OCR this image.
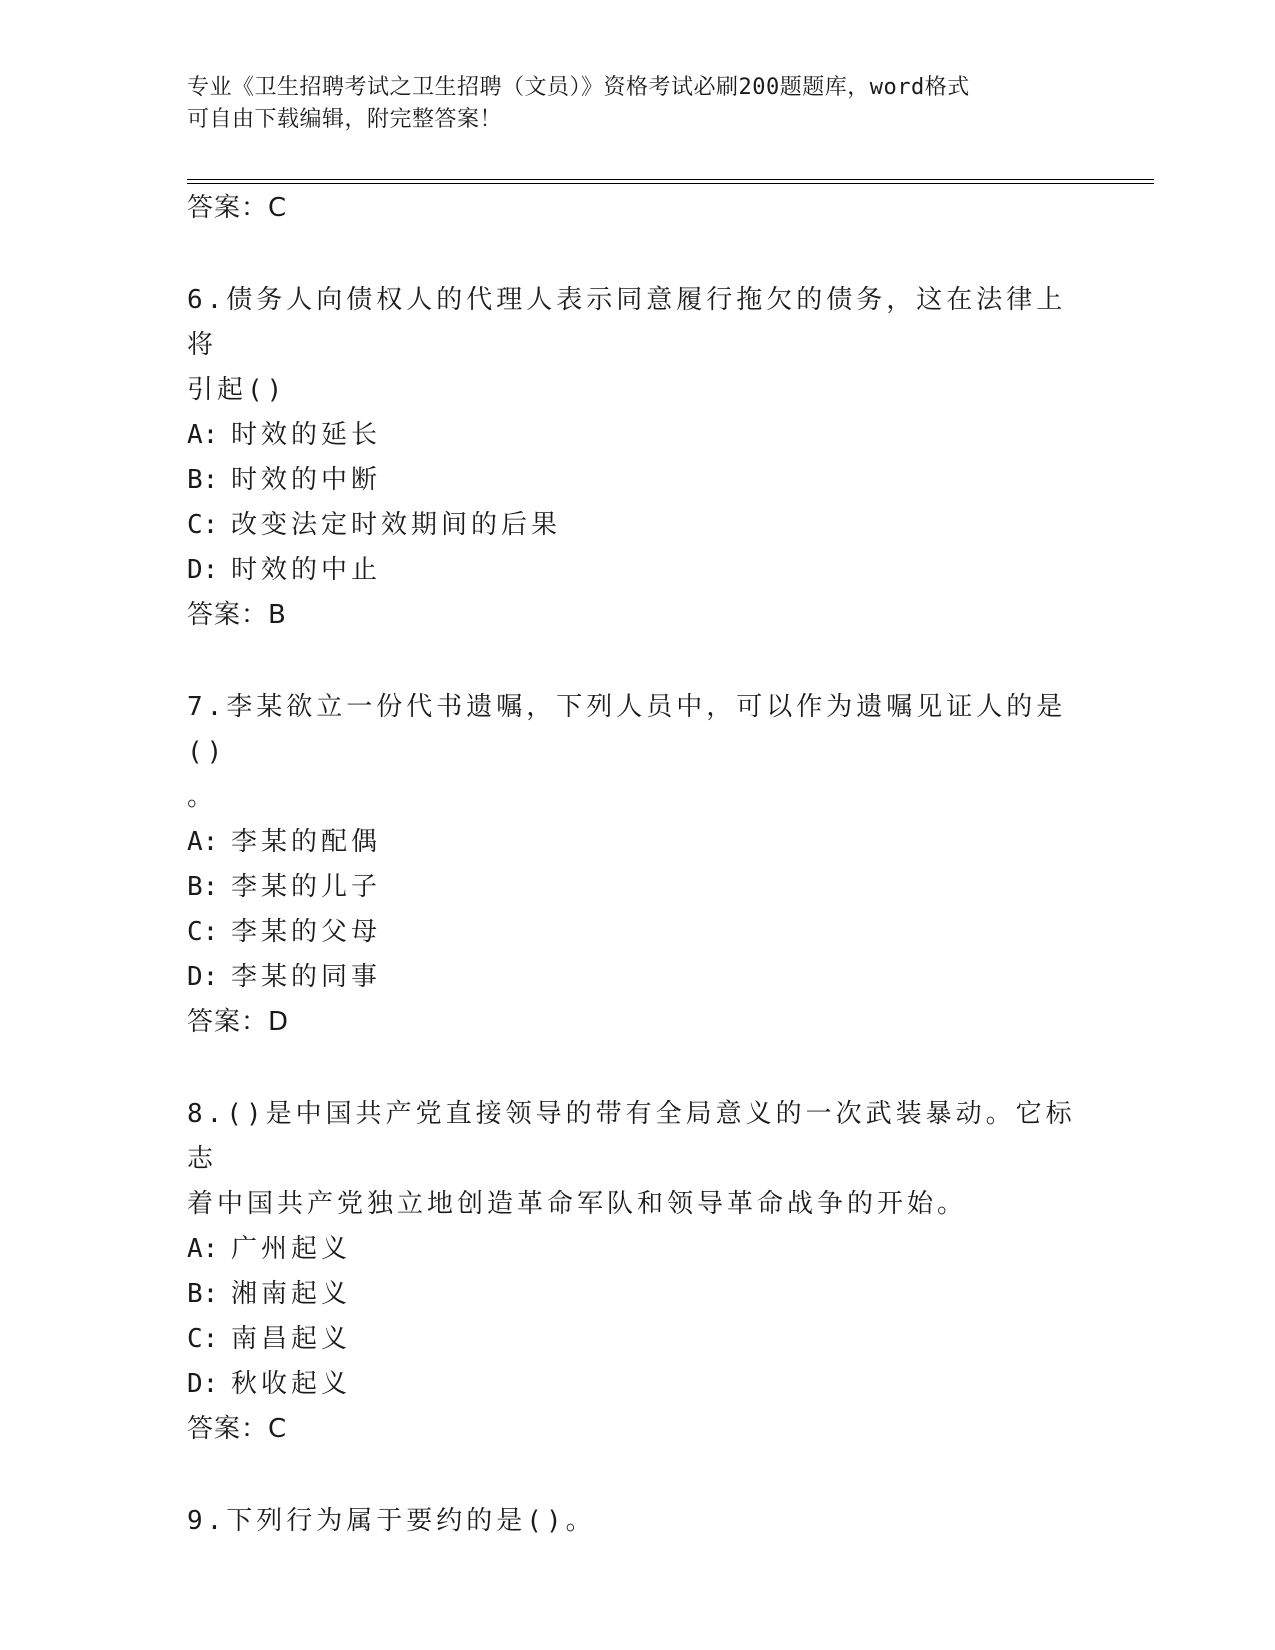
专业《卫生招聘考试之卫生招聘（文员）》资格考试必刷200题题库，word格式
可自由下载编辑，附完整答案！
答案：C
6.债务人向债权人的代理人表示同意履行拖欠的债务，这在法律上将
引起()
A: 时效的延长
B: 时效的中断
C: 改变法定时效期间的后果
D: 时效的中止
答案：B
7.李某欲立一份代书遗嘱，下列人员中，可以作为遗嘱见证人的是()
。
A: 李某的配偶
B: 李某的儿子
C: 李某的父母
D: 李某的同事
答案：D
8.()是中国共产党直接领导的带有全局意义的一次武装暴动。它标志
着中国共产党独立地创造革命军队和领导革命战争的开始。
A: 广州起义
B: 湘南起义
C: 南昌起义
D: 秋收起义
答案：C
9.下列行为属于要约的是()。
